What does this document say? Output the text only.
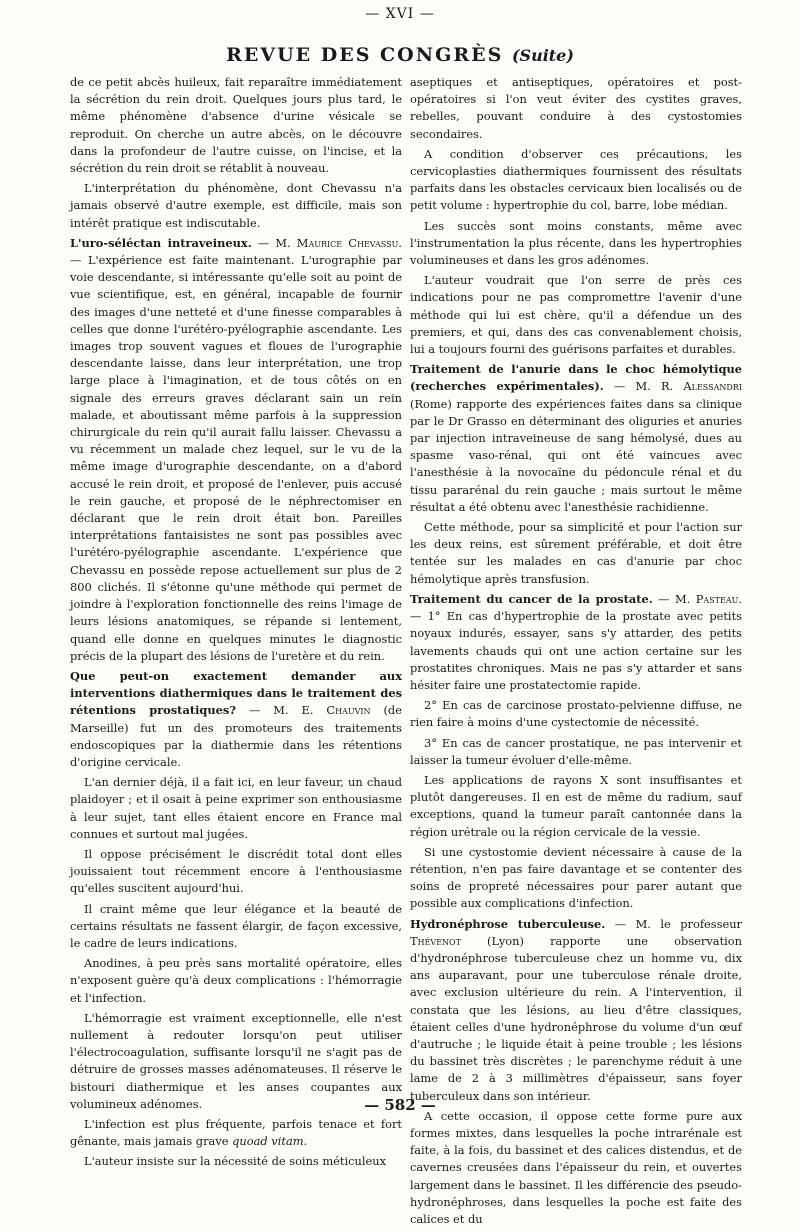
— XVI —
REVUE DES CONGRÈS (Suite)

de ce petit abcès huileux, fait reparaître immédiatement la sécrétion du rein droit. Quelques jours plus tard, le même phénomène d'absence d'urine vésicale se reproduit. On cherche un autre abcès, on le découvre dans la profondeur de l'autre cuisse, on l'incise, et la sécrétion du rein droit se rétablit à nouveau.

L'interprétation du phénomène, dont Chevassu n'a jamais observé d'autre exemple, est difficile, mais son intérêt pratique est indiscutable.

L'uro-séléctan intraveineux. — M. Maurice Chevassu. — L'expérience est faite maintenant. L'urographie par voie descendante, si intéressante qu'elle soit au point de vue scientifique, est, en général, incapable de fournir des images d'une netteté et d'une finesse comparables à celles que donne l'urétéro-pyélographie ascendante. Les images trop souvent vagues et floues de l'urographie descendante laisse, dans leur interprétation, une trop large place à l'imagination, et de tous côtés on en signale des erreurs graves déclarant sain un rein malade, et aboutissant même parfois à la suppression chirurgicale du rein qu'il aurait fallu laisser. Chevassu a vu récemment un malade chez lequel, sur le vu de la même image d'urographie descendante, on a d'abord accusé le rein droit, et proposé de l'enlever, puis accusé le rein gauche, et proposé de le néphrectomiser en déclarant que le rein droit était bon. Pareilles interprétations fantaisistes ne sont pas possibles avec l'urétéro-pyélographie ascendante. L'expérience que Chevassu en possède repose actuellement sur plus de 2 800 clichés. Il s'étonne qu'une méthode qui permet de joindre à l'exploration fonctionnelle des reins l'image de leurs lésions anatomiques, se répande si lentement, quand elle donne en quelques minutes le diagnostic précis de la plupart des lésions de l'uretère et du rein.

Que peut-on exactement demander aux interventions diathermiques dans le traitement des rétentions prostatiques? — M. E. Chauvin (de Marseille) fut un des promoteurs des traitements endoscopiques par la diathermie dans les rétentions d'origine cervicale.

L'an dernier déjà, il a fait ici, en leur faveur, un chaud plaidoyer ; et il osait à peine exprimer son enthousiasme à leur sujet, tant elles étaient encore en France mal connues et surtout mal jugées.

Il oppose précisément le discrédit total dont elles jouissaient tout récemment encore à l'enthousiasme qu'elles suscitent aujourd'hui.

Il craint même que leur élégance et la beauté de certains résultats ne fassent élargir, de façon excessive, le cadre de leurs indications.

Anodines, à peu près sans mortalité opératoire, elles n'exposent guère qu'à deux complications : l'hémorragie et l'infection.

L'hémorragie est vraiment exceptionnelle, elle n'est nullement à redouter lorsqu'on peut utiliser l'électrocoagulation, suffisante lorsqu'il ne s'agit pas de détruire de grosses masses adénomateuses. Il réserve le bistouri diathermique et les anses coupantes aux volumineux adénomes.

L'infection est plus fréquente, parfois tenace et fort gênante, mais jamais grave quoad vitam.

L'auteur insiste sur la nécessité de soins méticuleux

aseptiques et antiseptiques, opératoires et post-opératoires si l'on veut éviter des cystites graves, rebelles, pouvant conduire à des cystostomies secondaires.

A condition d'observer ces précautions, les cervicoplasties diathermiques fournissent des résultats parfaits dans les obstacles cervicaux bien localisés ou de petit volume : hypertrophie du col, barre, lobe médian.

Les succès sont moins constants, même avec l'instrumentation la plus récente, dans les hypertrophies volumineuses et dans les gros adénomes.

L'auteur voudrait que l'on serre de près ces indications pour ne pas compromettre l'avenir d'une méthode qui lui est chère, qu'il a défendue un des premiers, et qui, dans des cas convenablement choisis, lui a toujours fourni des guérisons parfaites et durables.

Traitement de l'anurie dans le choc hémolytique (recherches expérimentales). — M. R. Alessandri (Rome) rapporte des expériences faites dans sa clinique par le Dr Grasso en déterminant des oliguries et anuries par injection intraveineuse de sang hémolysé, dues au spasme vaso-rénal, qui ont été vaincues avec l'anesthésie à la novocaïne du pédoncule rénal et du tissu pararénal du rein gauche ; mais surtout le même résultat a été obtenu avec l'anesthésie rachidienne.

Cette méthode, pour sa simplicité et pour l'action sur les deux reins, est sûrement préférable, et doit être tentée sur les malades en cas d'anurie par choc hémolytique après transfusion.

Traitement du cancer de la prostate. — M. Pasteau. — 1° En cas d'hypertrophie de la prostate avec petits noyaux indurés, essayer, sans s'y attarder, des petits lavements chauds qui ont une action certaine sur les prostatites chroniques. Mais ne pas s'y attarder et sans hésiter faire une prostatectomie rapide.

2° En cas de carcinose prostato-pelvienne diffuse, ne rien faire à moins d'une cystectomie de nécessité.

3° En cas de cancer prostatique, ne pas intervenir et laisser la tumeur évoluer d'elle-même.

Les applications de rayons X sont insuffisantes et plutôt dangereuses. Il en est de même du radium, sauf exceptions, quand la tumeur paraît cantonnée dans la région urétrale ou la région cervicale de la vessie.

Si une cystostomie devient nécessaire à cause de la rétention, n'en pas faire davantage et se contenter des soins de propreté nécessaires pour parer autant que possible aux complications d'infection.

Hydronéphrose tuberculeuse. — M. le professeur Thévenot (Lyon) rapporte une observation d'hydronéphrose tuberculeuse chez un homme vu, dix ans auparavant, pour une tuberculose rénale droite, avec exclusion ultérieure du rein. A l'intervention, il constata que les lésions, au lieu d'être classiques, étaient celles d'une hydronéphrose du volume d'un œuf d'autruche ; le liquide était à peine trouble ; les lésions du bassinet très discrètes ; le parenchyme réduit à une lame de 2 à 3 millimètres d'épaisseur, sans foyer tuberculeux dans son intérieur.

A cette occasion, il oppose cette forme pure aux formes mixtes, dans lesquelles la poche intrarénale est faite, à la fois, du bassinet et des calices distendus, et de cavernes creusées dans l'épaisseur du rein, et ouvertes largement dans le bassinet. Il les différencie des pseudo-hydronéphroses, dans lesquelles la poche est faite des calices et du

— 582 —
